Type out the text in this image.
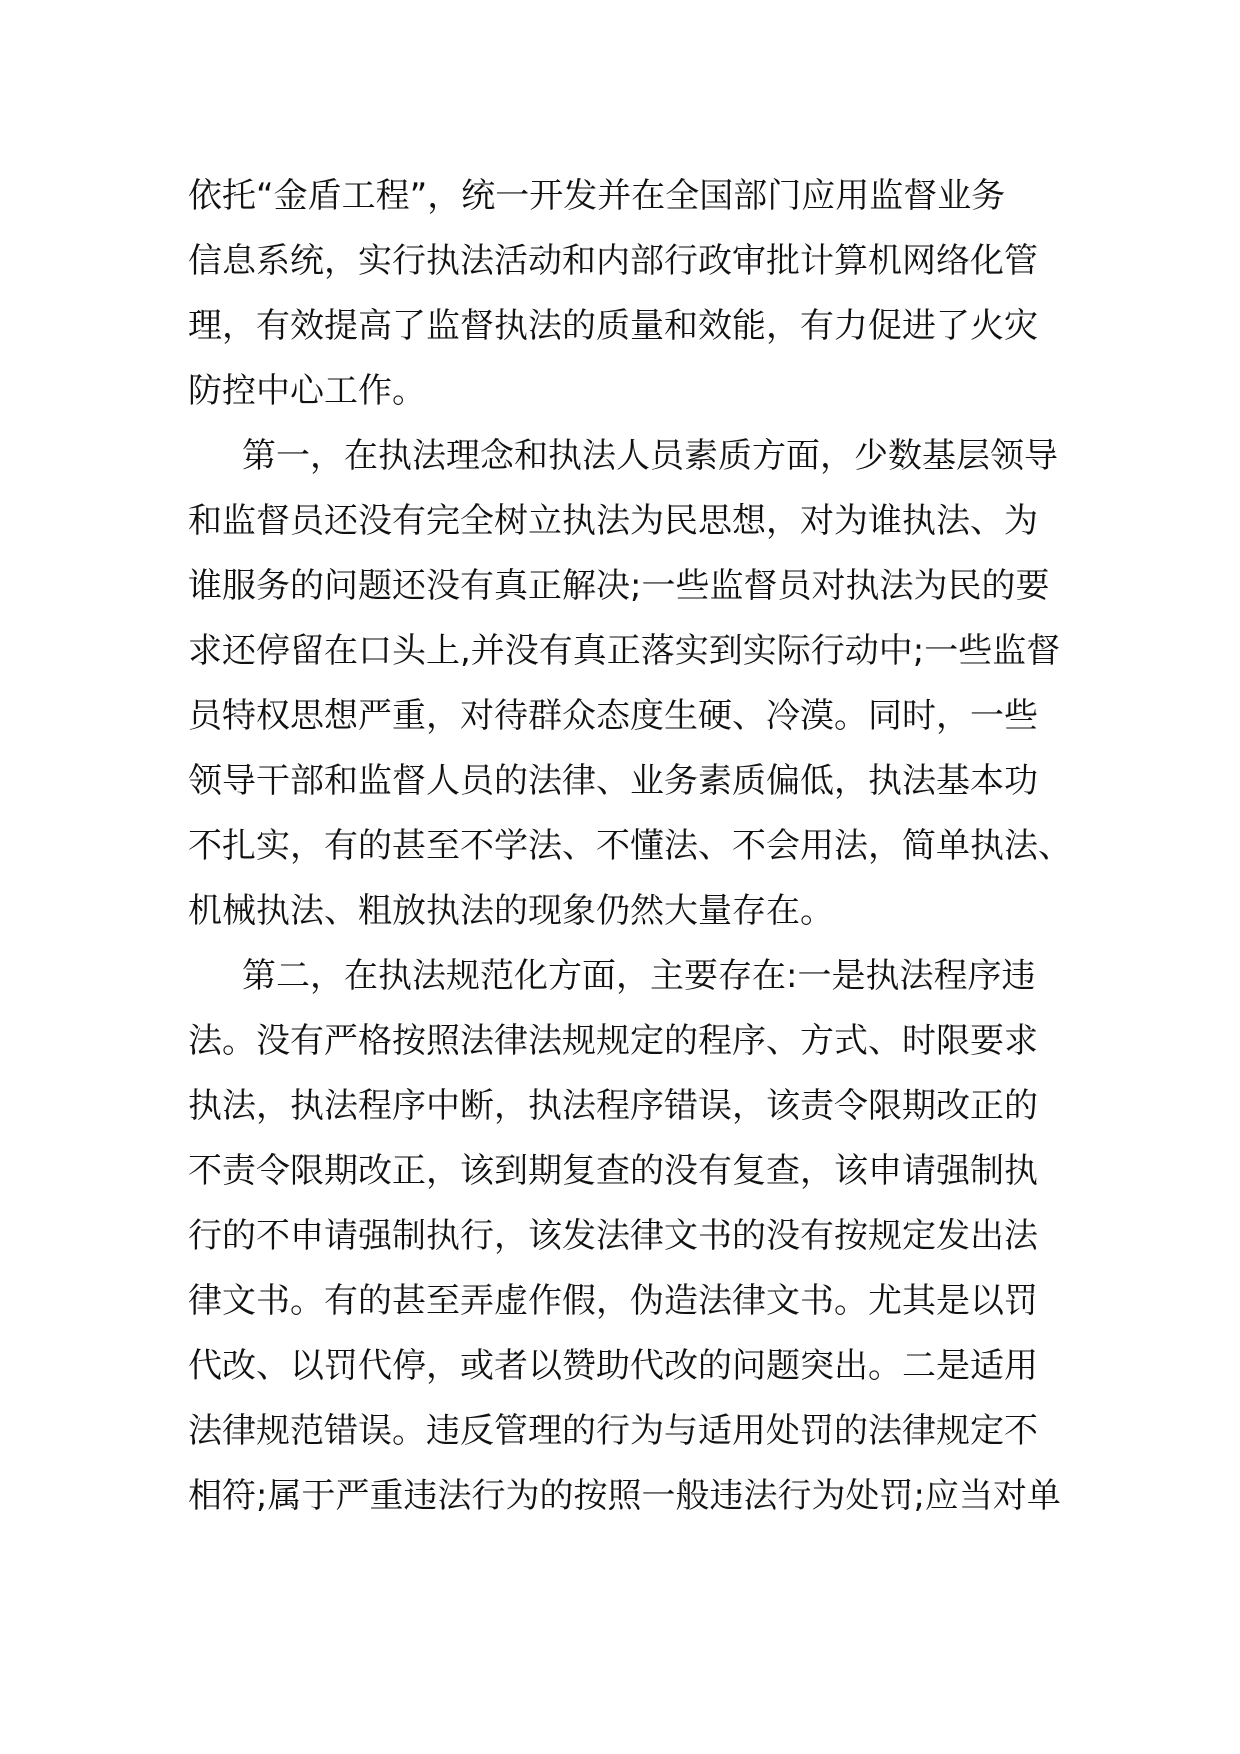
依托“金盾工程”，统一开发并在全国部门应用监督业务
信息系统，实行执法活动和内部行政审批计算机网络化管
理，有效提高了监督执法的质量和效能，有力促进了火灾
防控中心工作。
第一，在执法理念和执法人员素质方面，少数基层领导
和监督员还没有完全树立执法为民思想，对为谁执法、为
谁服务的问题还没有真正解决;一些监督员对执法为民的要
求还停留在口头上,并没有真正落实到实际行动中;一些监督
员特权思想严重，对待群众态度生硬、冷漠。同时，一些
领导干部和监督人员的法律、业务素质偏低，执法基本功
不扎实，有的甚至不学法、不懂法、不会用法，简单执法、
机械执法、粗放执法的现象仍然大量存在。
第二，在执法规范化方面，主要存在:一是执法程序违
法。没有严格按照法律法规规定的程序、方式、时限要求
执法，执法程序中断，执法程序错误，该责令限期改正的
不责令限期改正，该到期复查的没有复查，该申请强制执
行的不申请强制执行，该发法律文书的没有按规定发出法
律文书。有的甚至弄虚作假，伪造法律文书。尤其是以罚
代改、以罚代停，或者以赞助代改的问题突出。二是适用
法律规范错误。违反管理的行为与适用处罚的法律规定不
相符;属于严重违法行为的按照一般违法行为处罚;应当对单
